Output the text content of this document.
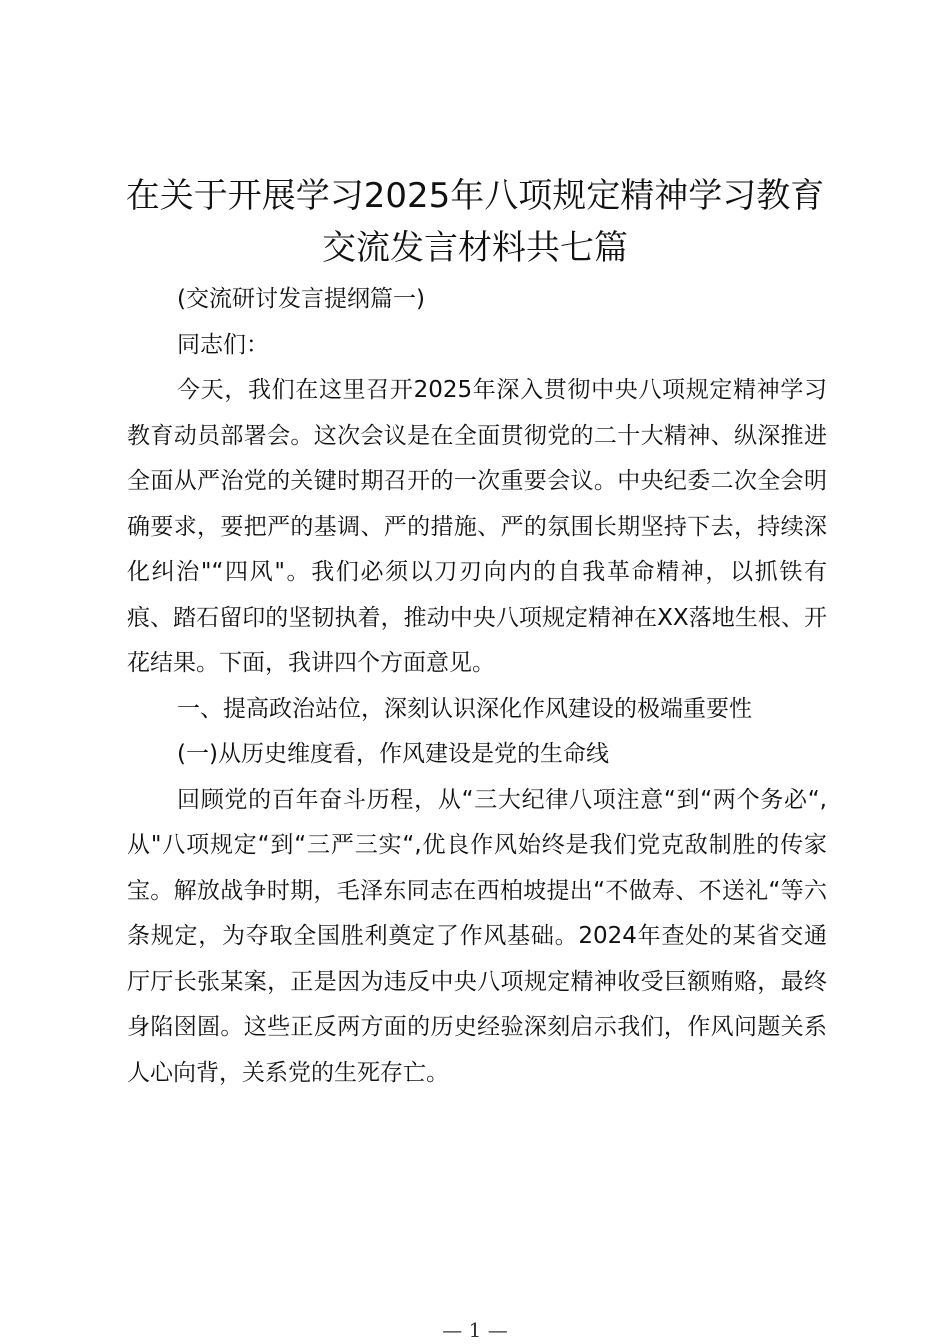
在关于开展学习2025年八项规定精神学习教育交流发言材料共七篇

(交流研讨发言提纲篇一)

同志们：

今天，我们在这里召开2025年深入贯彻中央八项规定精神学习教育动员部署会。这次会议是在全面贯彻党的二十大精神、纵深推进全面从严治党的关键时期召开的一次重要会议。中央纪委二次全会明确要求，要把严的基调、严的措施、严的氛围长期坚持下去，持续深化纠治"“四风"。我们必须以刀刃向内的自我革命精神，以抓铁有痕、踏石留印的坚韧执着，推动中央八项规定精神在XX落地生根、开花结果。下面，我讲四个方面意见。

一、提高政治站位，深刻认识深化作风建设的极端重要性

(一)从历史维度看，作风建设是党的生命线

回顾党的百年奋斗历程，从“三大纪律八项注意“到“两个务必“,从"八项规定“到“三严三实“,优良作风始终是我们党克敌制胜的传家宝。解放战争时期，毛泽东同志在西柏坡提出“不做寿、不送礼“等六条规定，为夺取全国胜利奠定了作风基础。2024年查处的某省交通厅厅长张某案，正是因为违反中央八项规定精神收受巨额贿赂，最终身陷囹圄。这些正反两方面的历史经验深刻启示我们，作风问题关系人心向背，关系党的生死存亡。

— 1 —
